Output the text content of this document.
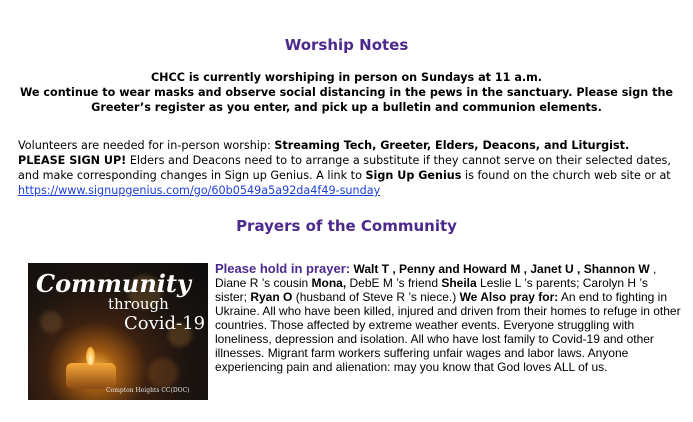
Worship Notes
CHCC is currently worshiping in person on Sundays at 11 a.m.
We continue to wear masks and observe social distancing in the pews in the sanctuary. Please sign the Greeter’s register as you enter, and pick up a bulletin and communion elements.
Volunteers are needed for in-person worship: Streaming Tech, Greeter, Elders, Deacons, and Liturgist.
PLEASE SIGN UP! Elders and Deacons need to to arrange a substitute if they cannot serve on their selected dates, and make corresponding changes in Sign up Genius. A link to Sign Up Genius is found on the church web site or at https://www.signupgenius.com/go/60b0549a5a92da4f49-sunday
Prayers of the Community
Community
through
Covid-19
Compton Heights CC(DOC)
Please hold in prayer: Walt T , Penny and Howard M , Janet U , Shannon W , Diane R ’s cousin Mona, DebE M ’s friend Sheila Leslie L ’s parents; Carolyn H ’s sister; Ryan O (husband of Steve R ’s niece.) We Also pray for: An end to fighting in Ukraine. All who have been killed, injured and driven from their homes to refuge in other countries. Those affected by extreme weather events. Everyone struggling with loneliness, depression and isolation. All who have lost family to Covid-19 and other illnesses. Migrant farm workers suffering unfair wages and labor laws. Anyone experiencing pain and alienation: may you know that God loves ALL of us.
